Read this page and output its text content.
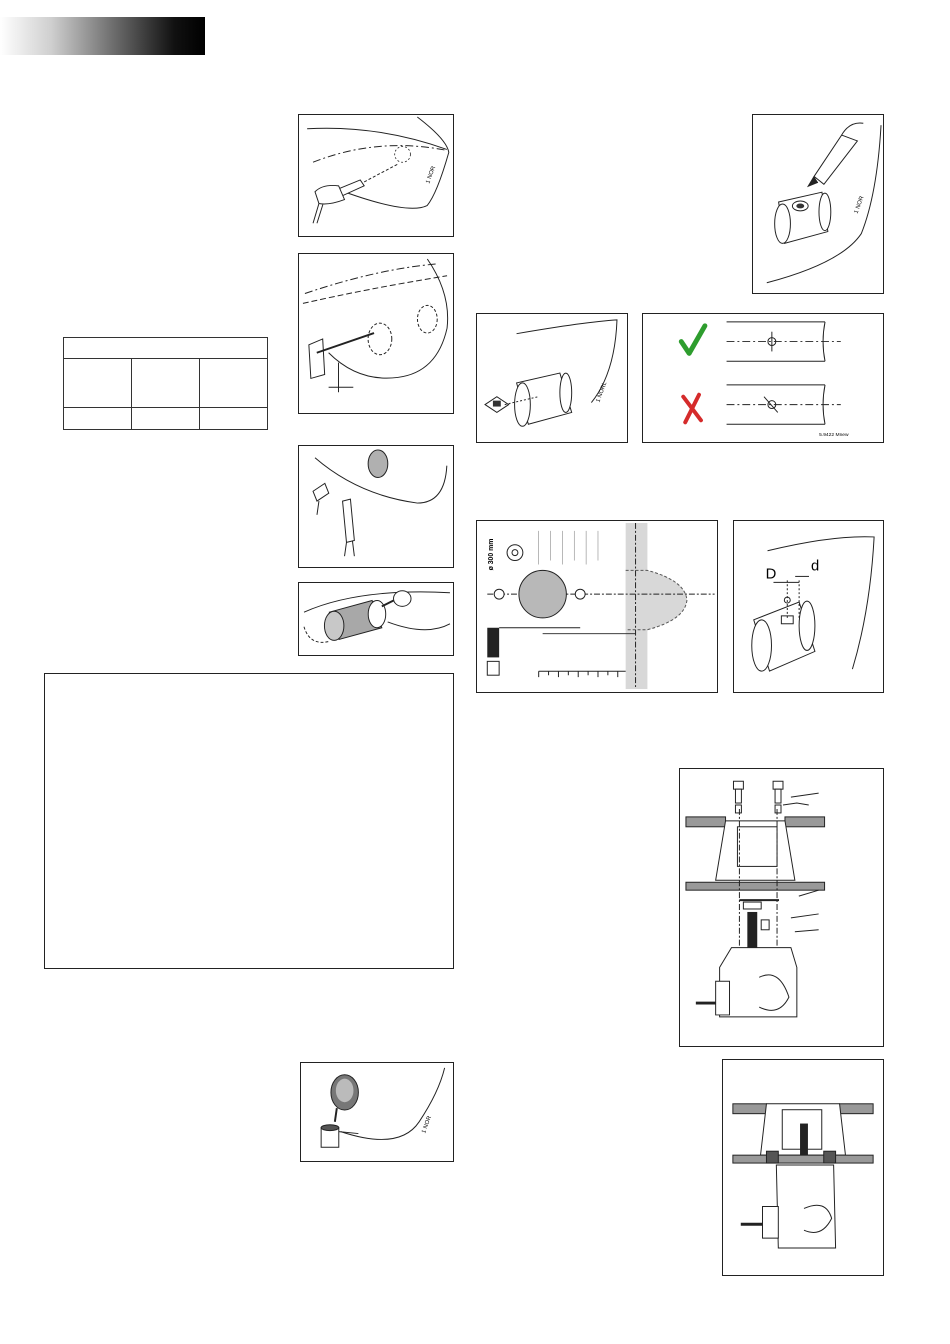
1 NOR

1 NOR
1 NOR
1 NORL
5.9422 Mnew
ø 300 mm
D d
